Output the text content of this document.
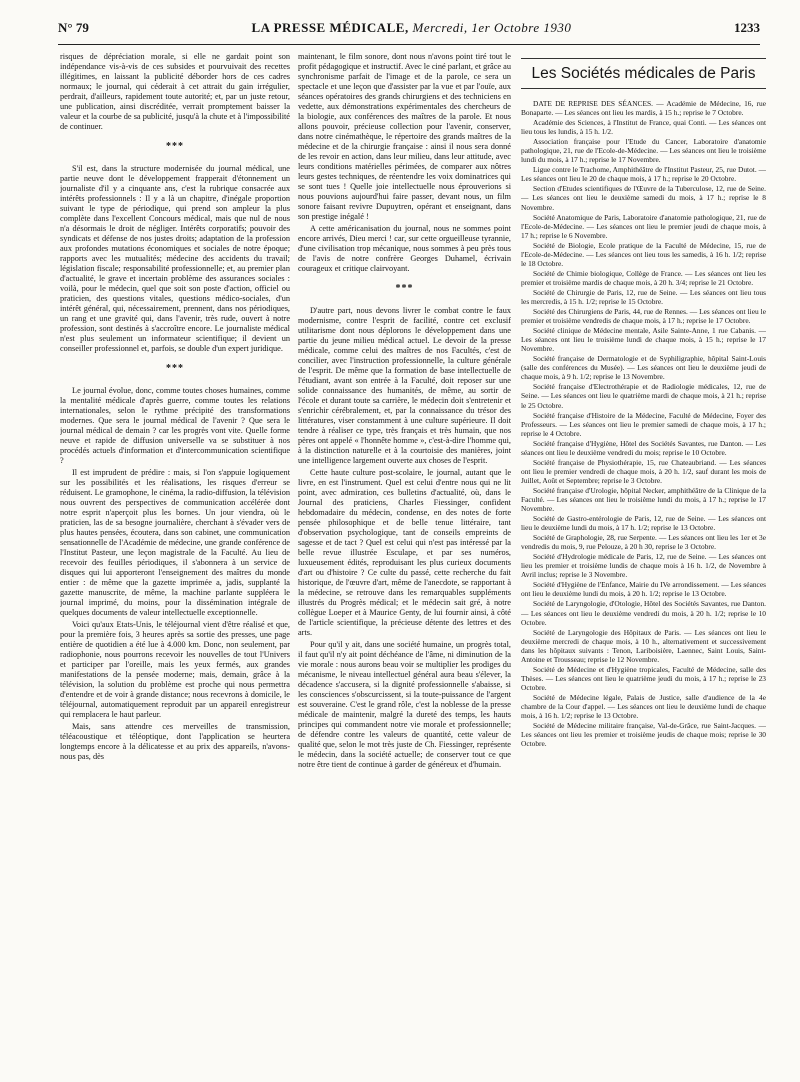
N° 79	LA PRESSE MÉDICALE, Mercredi, 1er Octobre 1930	1233

risques de dépréciation morale, si elle ne gardait point son indépendance vis-à-vis de ces subsides et pourvuivait des recettes illégitimes, en laissant la publicité déborder hors de ces cadres normaux; le journal, qui céderait à cet attrait du gain irrégulier, perdrait, d'ailleurs, rapidement toute autorité; et, par un juste retour, une publication, ainsi discréditée, verrait promptement baisser la valeur et la courbe de sa publicité, jusqu'à la chute et à l'impossibilité de continuer.

***

S'il est, dans la structure modernisée du journal médical, une partie neuve dont le développement frapperait d'étonnement un journaliste d'il y a cinquante ans, c'est la rubrique consacrée aux intérêts professionnels : Il y a là un chapitre, d'inégale proportion suivant le type de périodique, qui prend son ampleur la plus complète dans l'excellent Concours médical, mais que nul de nous n'a désormais le droit de négliger. Intérêts corporatifs; pouvoir des syndicats et défense de nos justes droits; adaptation de la profession aux profondes mutations économiques et sociales de notre époque; rapports avec les mutualités; médecine des accidents du travail; législation fiscale; responsabilité professionnelle; et, au premier plan d'actualité, le grave et incertain problème des assurances sociales : voilà, pour le médecin, quel que soit son poste d'action, officiel ou praticien, des questions vitales, questions médico-sociales, d'un intérêt général, qui, nécessairement, prennent, dans nos périodiques, un rang et une gravité qui, dans l'avenir, très rude, ouvert à notre profession, sont destinés à s'accroître encore. Le journaliste médical n'est plus seulement un informateur scientifique; il devient un conseiller professionnel et, parfois, se double d'un expert juridique.

***

Le journal évolue, donc, comme toutes choses humaines, comme la mentalité médicale d'après guerre, comme toutes les relations internationales, selon le rythme précipité des transformations modernes. Que sera le journal médical de l'avenir ? Que sera le journal médical de demain ? car les progrès vont vite. Quelle forme neuve et rapide de diffusion universelle va se substituer à nos procédés actuels d'information et d'intercommunication scientifique ?

Il est imprudent de prédire : mais, si l'on s'appuie logiquement sur les possibilités et les réalisations, les risques d'erreur se réduisent. Le gramophone, le cinéma, la radio-diffusion, la télévision nous ouvrent des perspectives de communication accélérée dont notre esprit n'aperçoit plus les bornes. Un jour viendra, où le praticien, las de sa besogne journalière, cherchant à s'évader vers de plus hautes pensées, écoutera, dans son cabinet, une communication sensationnelle de l'Académie de médecine, une grande conférence de l'Institut Pasteur, une leçon magistrale de la Faculté. Au lieu de recevoir des feuilles périodiques, il s'abonnera à un service de disques qui lui apporteront l'enseignement des maîtres du monde entier : de même que la gazette imprimée a, jadis, supplanté la gazette manuscrite, de même, la machine parlante suppléera le journal imprimé, du moins, pour la dissémination intégrale de quelques documents de valeur intellectuelle exceptionnelle.

Voici qu'aux Etats-Unis, le téléjournal vient d'être réalisé et que, pour la première fois, 3 heures après sa sortie des presses, une page entière de quotidien a été lue à 4.000 km. Donc, non seulement, par radiophonie, nous pourrons recevoir les nouvelles de tout l'Univers et participer par l'oreille, mais les yeux fermés, aux grandes manifestations de la pensée moderne; mais, demain, grâce à la télévision, la solution du problème est proche qui nous permettra d'entendre et de voir à grande distance; nous recevrons à domicile, le téléjournal, automatiquement reproduit par un appareil enregistreur qui remplacera le haut parleur.

Mais, sans attendre ces merveilles de transmission, téléacoustique et téléoptique, dont l'application se heurtera longtemps encore à la délicatesse et au prix des appareils, n'avons-nous pas, dès

maintenant, le film sonore, dont nous n'avons point tiré tout le profit pédagogique et instructif. Avec le ciné parlant, et grâce au synchronisme parfait de l'image et de la parole, ce sera un spectacle et une leçon que d'assister par la vue et par l'ouïe, aux séances opératoires des grands chirurgiens et des techniciens en vedette, aux démonstrations expérimentales des chercheurs de la biologie, aux conférences des maîtres de la parole. Et nous allons pouvoir, précieuse collection pour l'avenir, conserver, dans notre cinémathèque, le répertoire des grands maîtres de la médecine et de la chirurgie française : ainsi il nous sera donné de les revoir en action, dans leur milieu, dans leur attitude, avec leurs conditions matérielles périmées, de comparer aux nôtres leurs gestes techniques, de réentendre les voix dominatrices qui se sont tues ! Quelle joie intellectuelle nous éprouverions si nous pouvions aujourd'hui faire passer, devant nous, un film sonore faisant revivre Dupuytren, opérant et enseignant, dans son prestige inégalé !

A cette américanisation du journal, nous ne sommes point encore arrivés, Dieu merci ! car, sur cette orgueilleuse tyrannie, d'une civilisation trop mécanique, nous sommes à peu près tous de l'avis de notre confrère Georges Duhamel, écrivain courageux et critique clairvoyant.

***

D'autre part, nous devons livrer le combat contre le faux modernisme, contre l'esprit de facilité, contre cet exclusif utilitarisme dont nous déplorons le développement dans une partie du jeune milieu médical actuel. Le devoir de la presse médicale, comme celui des maîtres de nos Facultés, c'est de concilier, avec l'instruction professionnelle, la culture générale de l'esprit. De même que la formation de base intellectuelle de l'étudiant, avant son entrée à la Faculté, doit reposer sur une solide connaissance des humanités, de même, au sortir de l'école et durant toute sa carrière, le médecin doit s'entretenir et s'enrichir cérébralement, et, par la connaissance du trésor des littératures, viser constamment à une culture supérieure. Il doit tendre à réaliser ce type, très français et très humain, que nos pères ont appelé « l'honnête homme », c'est-à-dire l'homme qui, à la distinction naturelle et à la courtoisie des manières, joint une intelligence largement ouverte aux choses de l'esprit.

Cette haute culture post-scolaire, le journal, autant que le livre, en est l'instrument. Quel est celui d'entre nous qui ne lit point, avec admiration, ces bulletins d'actualité, où, dans le Journal des praticiens, Charles Fiessinger, confident hebdomadaire du médecin, condense, en des notes de forte pensée philosophique et de belle tenue littéraire, tant d'observation psychologique, tant de conseils empreints de sagesse et de tact ? Quel est celui qui n'est pas intéressé par la belle revue illustrée Esculape, et par ses numéros, luxueusement édités, reproduisant les plus curieux documents d'art ou d'histoire ? Ce culte du passé, cette recherche du fait historique, de l'œuvre d'art, même de l'anecdote, se rapportant à la médecine, se retrouve dans les remarquables suppléments illustrés du Progrès médical; et le médecin sait gré, à notre collègue Loeper et à Maurice Genty, de lui fournir ainsi, à côté de l'article scientifique, la précieuse détente des lettres et des arts.

Pour qu'il y ait, dans une société humaine, un progrès total, il faut qu'il n'y ait point déchéance de l'âme, ni diminution de la vie morale : nous aurons beau voir se multiplier les prodiges du mécanisme, le niveau intellectuel général aura beau s'élever, la décadence s'accusera, si la dignité professionnelle s'abaisse, si les consciences s'obscurcissent, si la toute-puissance de l'argent est souveraine. C'est le grand rôle, c'est la noblesse de la presse médicale de maintenir, malgré la dureté des temps, les hauts principes qui commandent notre vie morale et professionnelle; de défendre contre les valeurs de quantité, cette valeur de qualité que, selon le mot très juste de Ch. Fiessinger, représente le médecin, dans la société actuelle; de conserver tout ce que notre être tient de continue à garder de généreux et d'humain.

Les Sociétés médicales de Paris

DATE DE REPRISE DES SÉANCES. — Académie de Médecine, 16, rue Bonaparte. — Les séances ont lieu les mardis, à 15 h.; reprise le 7 Octobre.

Académie des Sciences, à l'Institut de France, quai Conti. — Les séances ont lieu tous les lundis, à 15 h. 1/2.

Association française pour l'Etude du Cancer, Laboratoire d'anatomie pathologique, 21, rue de l'Ecole-de-Médecine. — Les séances ont lieu le troisième lundi du mois, à 17 h.; reprise le 17 Novembre.

Ligue contre le Trachome, Amphithéâtre de l'Institut Pasteur, 25, rue Dutot. — Les séances ont lieu le 20 de chaque mois, à 17 h.; reprise le 20 Octobre.

Section d'Etudes scientifiques de l'Œuvre de la Tuberculose, 12, rue de Seine. — Les séances ont lieu le deuxième samedi du mois, à 17 h.; reprise le 8 Novembre.

Société Anatomique de Paris, Laboratoire d'anatomie pathologique, 21, rue de l'Ecole-de-Médecine. — Les séances ont lieu le premier jeudi de chaque mois, à 17 h.; reprise le 6 Novembre.

Société de Biologie, Ecole pratique de la Faculté de Médecine, 15, rue de l'Ecole-de-Médecine. — Les séances ont lieu tous les samedis, à 16 h. 1/2; reprise le 18 Octobre.

Société de Chimie biologique, Collège de France. — Les séances ont lieu les premier et troisième mardis de chaque mois, à 20 h. 3/4; reprise le 21 Octobre.

Société de Chirurgie de Paris, 12, rue de Seine. — Les séances ont lieu tous les mercredis, à 15 h. 1/2; reprise le 15 Octobre.

Société des Chirurgiens de Paris, 44, rue de Rennes. — Les séances ont lieu le premier et troisième vendredis de chaque mois, à 17 h.; reprise le 17 Octobre.

Société clinique de Médecine mentale, Asile Sainte-Anne, 1 rue Cabanis. — Les séances ont lieu le troisième lundi de chaque mois, à 15 h.; reprise le 17 Novembre.

Société française de Dermatologie et de Syphiligraphie, hôpital Saint-Louis (salle des conférences du Musée). — Les séances ont lieu le deuxième jeudi de chaque mois, à 9 h. 1/2; reprise le 13 Novembre.

Société française d'Electrothérapie et de Radiologie médicales, 12, rue de Seine. — Les séances ont lieu le quatrième mardi de chaque mois, à 21 h.; reprise le 25 Octobre.

Société française d'Histoire de la Médecine, Faculté de Médecine, Foyer des Professeurs. — Les séances ont lieu le premier samedi de chaque mois, à 17 h.; reprise le 4 Octobre.

Société française d'Hygiène, Hôtel des Sociétés Savantes, rue Danton. — Les séances ont lieu le deuxième vendredi du mois; reprise le 10 Octobre.

Société française de Physiothérapie, 15, rue Chateaubriand. — Les séances ont lieu le premier vendredi de chaque mois, à 20 h. 1/2, sauf durant les mois de Juillet, Août et Septembre; reprise le 3 Octobre.

Société française d'Urologie, hôpital Necker, amphithéâtre de la Clinique de la Faculté. — Les séances ont lieu le troisième lundi du mois, à 17 h.; reprise le 17 Novembre.

Société de Gastro-entérologie de Paris, 12, rue de Seine. — Les séances ont lieu le deuxième lundi du mois, à 17 h. 1/2; reprise le 13 Octobre.

Société de Graphologie, 28, rue Serpente. — Les séances ont lieu les 1er et 3e vendredis du mois, 9, rue Pelouze, à 20 h 30, reprise le 3 Octobre.

Société d'Hydrologie médicale de Paris, 12, rue de Seine. — Les séances ont lieu les premier et troisième lundis de chaque mois à 16 h. 1/2, de Novembre à Avril inclus; reprise le 3 Novembre.

Société d'Hygiène de l'Enfance, Mairie du IVe arrondissement. — Les séances ont lieu le deuxième lundi du mois, à 20 h. 1/2; reprise le 13 Octobre.

Société de Laryngologie, d'Otologie, Hôtel des Sociétés Savantes, rue Danton. — Les séances ont lieu le deuxième vendredi du mois, à 20 h. 1/2; reprise le 10 Octobre.

Société de Laryngologie des Hôpitaux de Paris. — Les séances ont lieu le deuxième mercredi de chaque mois, à 10 h., alternativement et successivement dans les hôpitaux suivants : Tenon, Lariboisière, Laennec, Saint Louis, Saint-Antoine et Trousseau; reprise le 12 Novembre.

Société de Médecine et d'Hygiène tropicales, Faculté de Médecine, salle des Thèses. — Les séances ont lieu le quatrième jeudi du mois, à 17 h.; reprise le 23 Octobre.

Société de Médecine légale, Palais de Justice, salle d'audience de la 4e chambre de la Cour d'appel. — Les séances ont lieu le deuxième lundi de chaque mois, à 16 h. 1/2; reprise le 13 Octobre.

Société de Médecine militaire française, Val-de-Grâce, rue Saint-Jacques. — Les séances ont lieu les premier et troisième jeudis de chaque mois; reprise le 30 Octobre.
